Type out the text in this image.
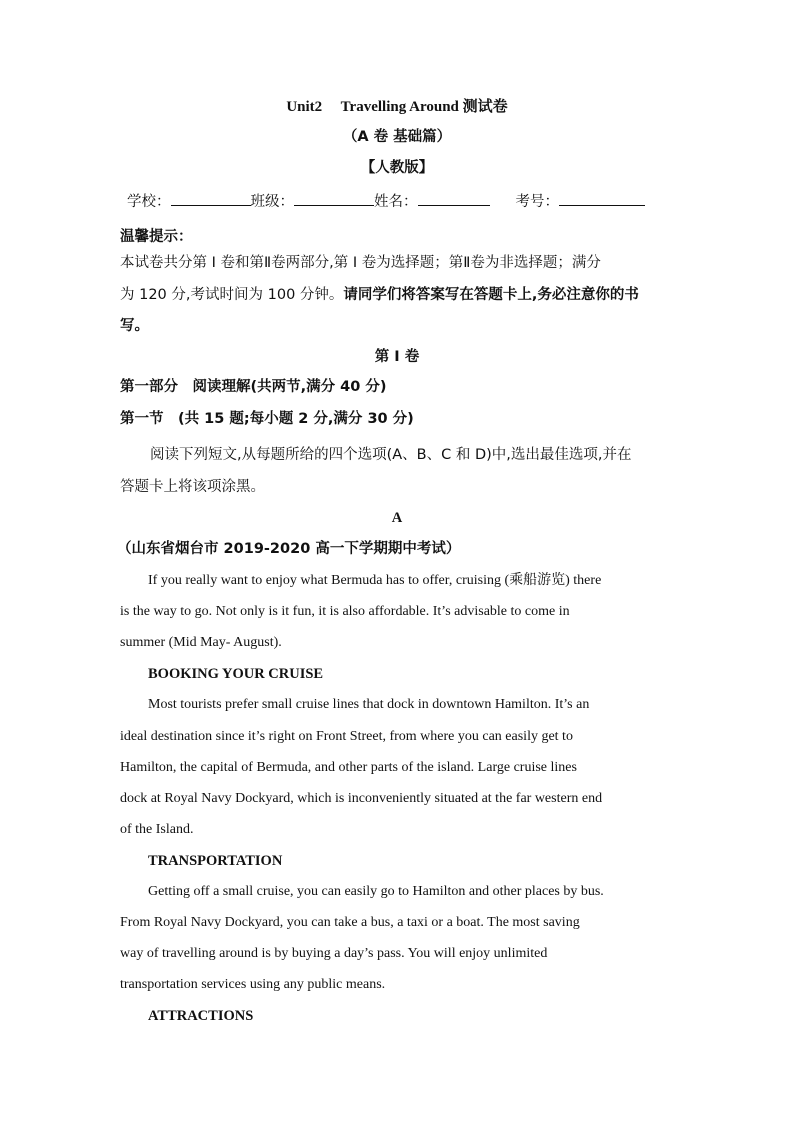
Unit2　 Travelling Around 测试卷
（A 卷 基础篇）
【人教版】
学校：	班级：	姓名：	考号：
温馨提示：
本试卷共分第 I 卷和第Ⅱ卷两部分,第 I 卷为选择题；第Ⅱ卷为非选择题；满分
为 120 分,考试时间为 100 分钟。请同学们将答案写在答题卡上,务必注意你的书
写。
第 I 卷
第一部分　阅读理解(共两节,满分 40 分)
第一节　(共 15 题;每小题 2 分,满分 30 分)
阅读下列短文,从每题所给的四个选项(A、B、C 和 D)中,选出最佳选项,并在
答题卡上将该项涂黑。
A
（山东省烟台市 2019-2020 高一下学期期中考试）
If you really want to enjoy what Bermuda has to offer, cruising (乘船游览) there
is the way to go. Not only is it fun, it is also affordable. It’s advisable to come in
summer (Mid May- August).
BOOKING YOUR CRUISE
Most tourists prefer small cruise lines that dock in downtown Hamilton. It’s an
ideal destination since it’s right on Front Street, from where you can easily get to
Hamilton, the capital of Bermuda, and other parts of the island. Large cruise lines
dock at Royal Navy Dockyard, which is inconveniently situated at the far western end
of the Island.
TRANSPORTATION
Getting off a small cruise, you can easily go to Hamilton and other places by bus.
From Royal Navy Dockyard, you can take a bus, a taxi or a boat. The most saving
way of travelling around is by buying a day’s pass. You will enjoy unlimited
transportation services using any public means.
ATTRACTIONS
